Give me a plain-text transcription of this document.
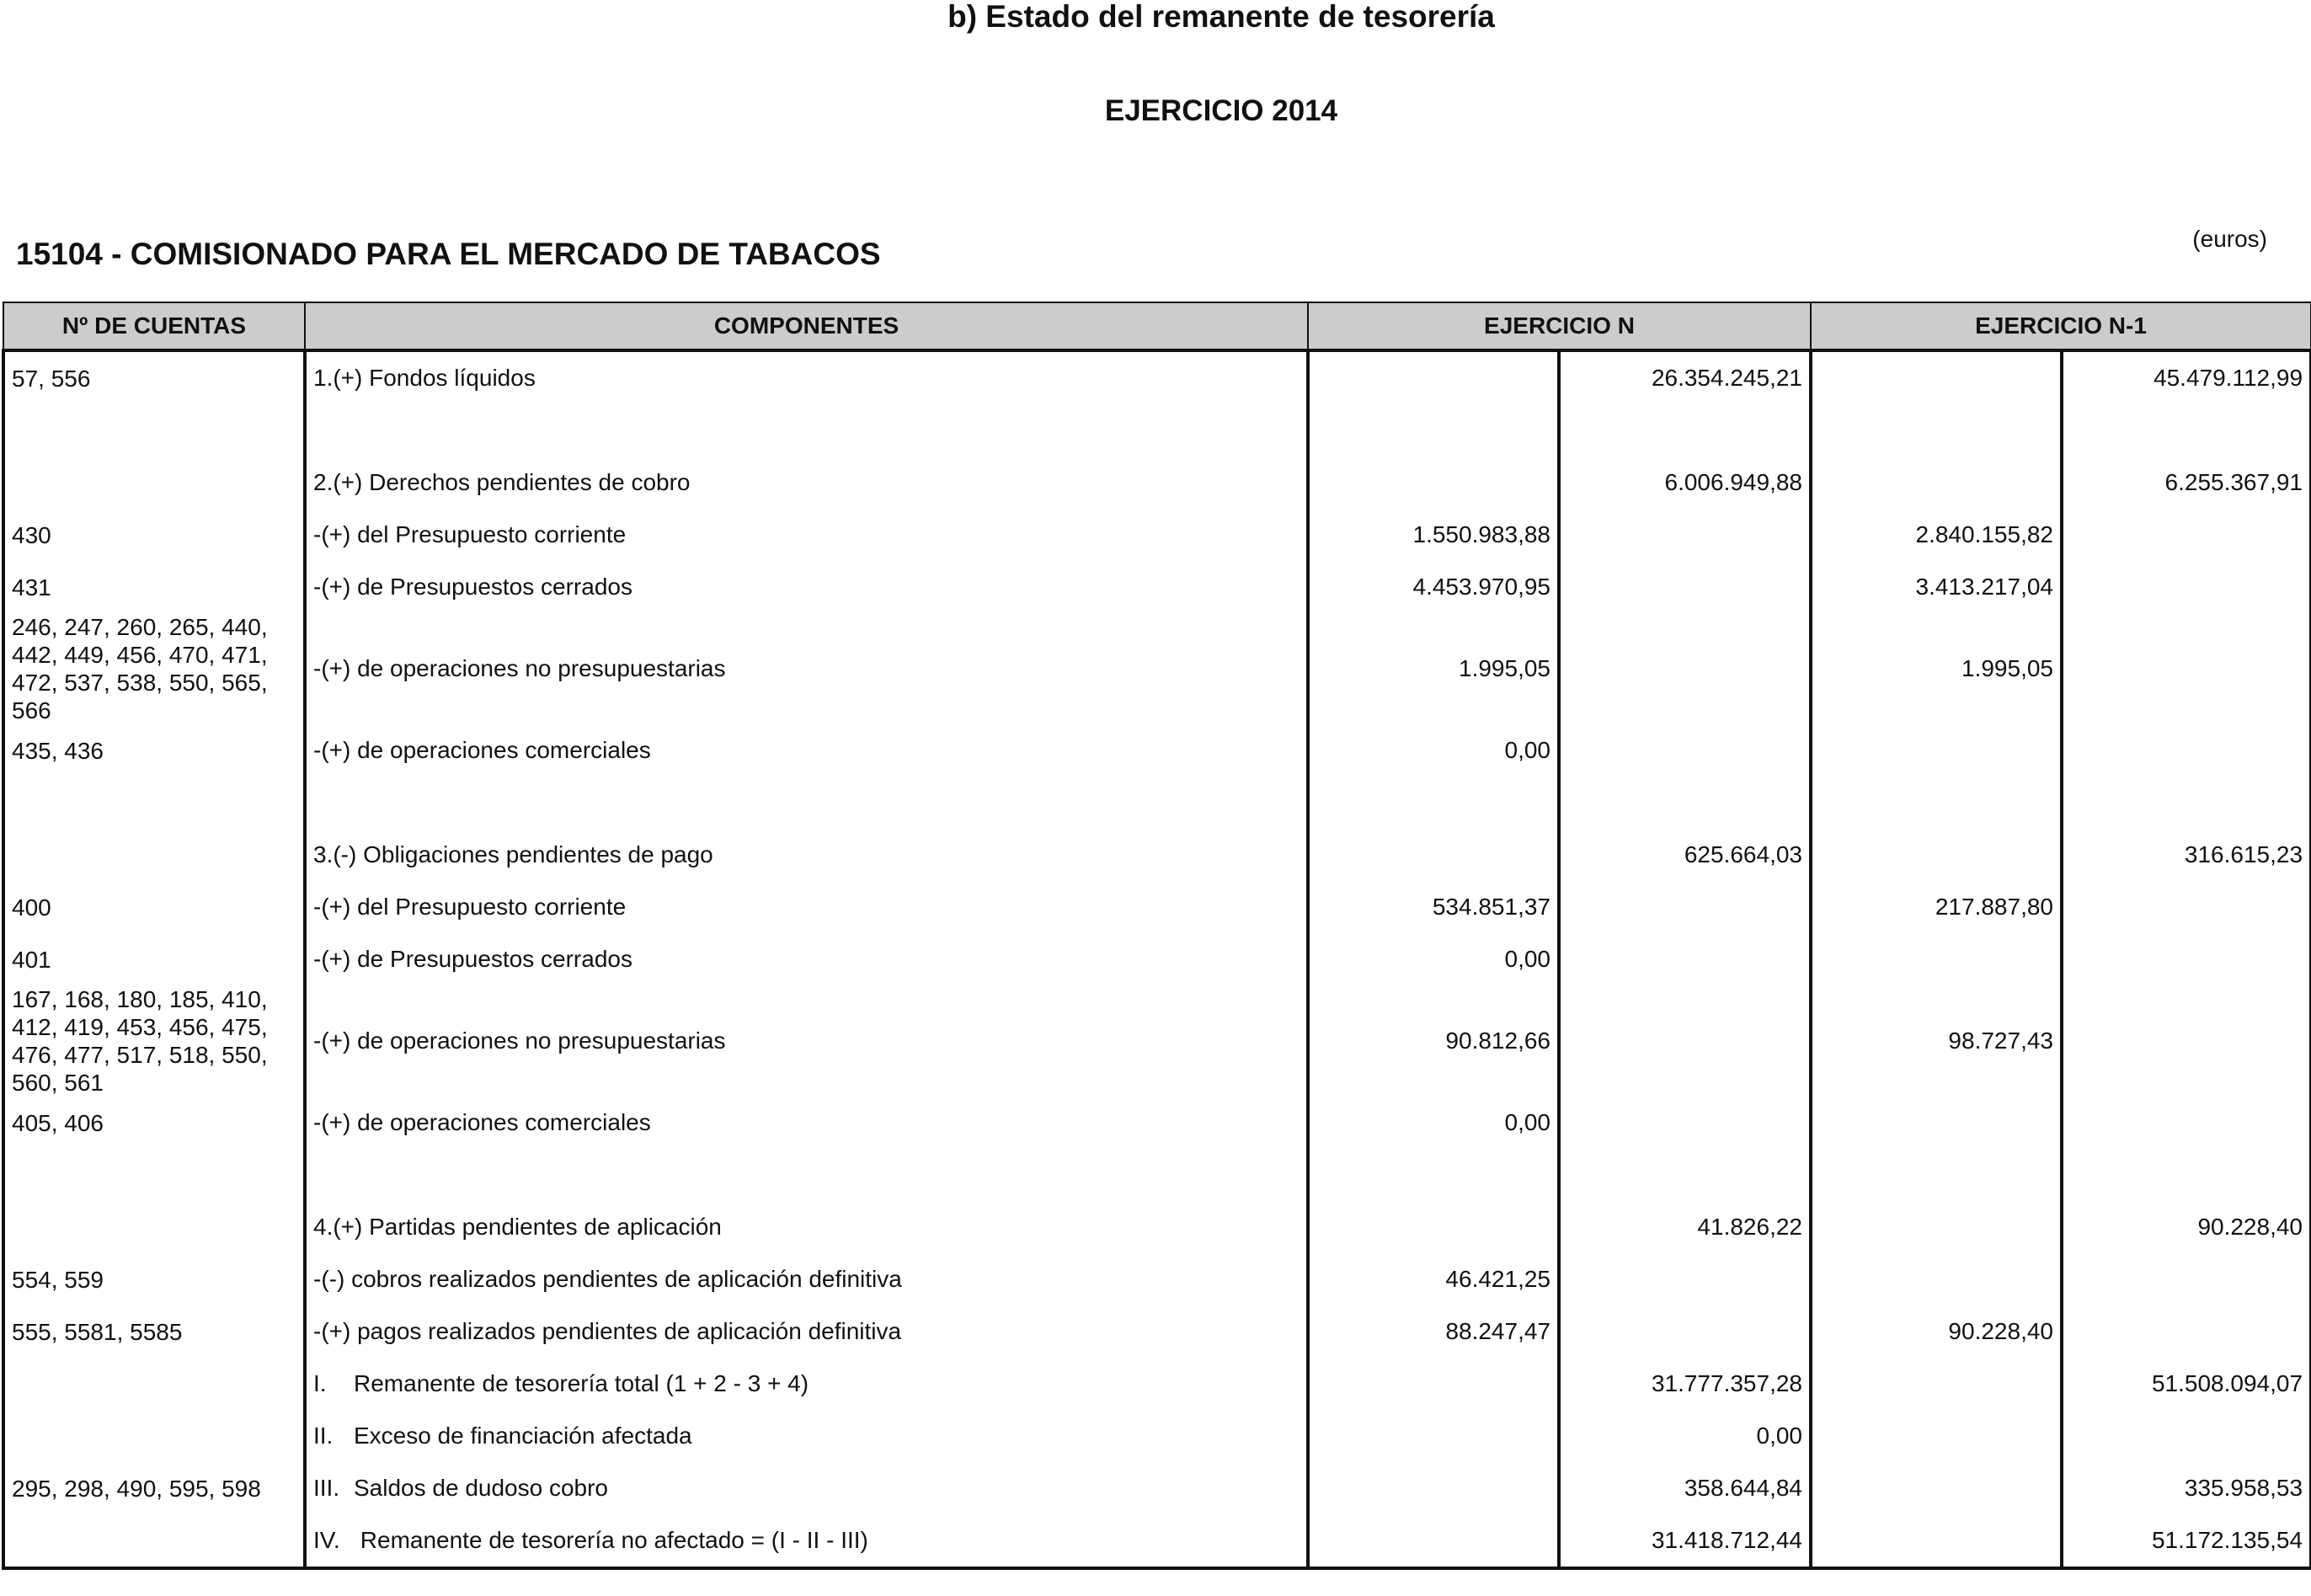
b) Estado del remanente de tesorería
EJERCICIO 2014
15104 - COMISIONADO PARA EL MERCADO DE TABACOS	(euros)
Nº DE CUENTAS	COMPONENTES	EJERCICIO N		EJERCICIO N-1	
57, 556	1.(+) Fondos líquidos		26.354.245,21		45.479.112,99

	2.(+) Derechos pendientes de cobro		6.006.949,88		6.255.367,91
430	-(+) del Presupuesto corriente	1.550.983,88		2.840.155,82	
431	-(+) de Presupuestos cerrados	4.453.970,95		3.413.217,04	
246, 247, 260, 265, 440, 442, 449, 456, 470, 471, 472, 537, 538, 550, 565, 566	-(+) de operaciones no presupuestarias	1.995,05		1.995,05	
435, 436	-(+) de operaciones comerciales	0,00			

	3.(-) Obligaciones pendientes de pago		625.664,03		316.615,23
400	-(+) del Presupuesto corriente	534.851,37		217.887,80	
401	-(+) de Presupuestos cerrados	0,00			
167, 168, 180, 185, 410, 412, 419, 453, 456, 475, 476, 477, 517, 518, 550, 560, 561	-(+) de operaciones no presupuestarias	90.812,66		98.727,43	
405, 406	-(+) de operaciones comerciales	0,00			

	4.(+) Partidas pendientes de aplicación		41.826,22		90.228,40
554, 559	-(-) cobros realizados pendientes de aplicación definitiva	46.421,25			
555, 5581, 5585	-(+) pagos realizados pendientes de aplicación definitiva	88.247,47		90.228,40	
	I. Remanente de tesorería total (1 + 2 - 3 + 4)		31.777.357,28		51.508.094,07
	II. Exceso de financiación afectada		0,00		
295, 298, 490, 595, 598	III. Saldos de dudoso cobro		358.644,84		335.958,53
	IV. Remanente de tesorería no afectado = (I - II - III)		31.418.712,44		51.172.135,54
